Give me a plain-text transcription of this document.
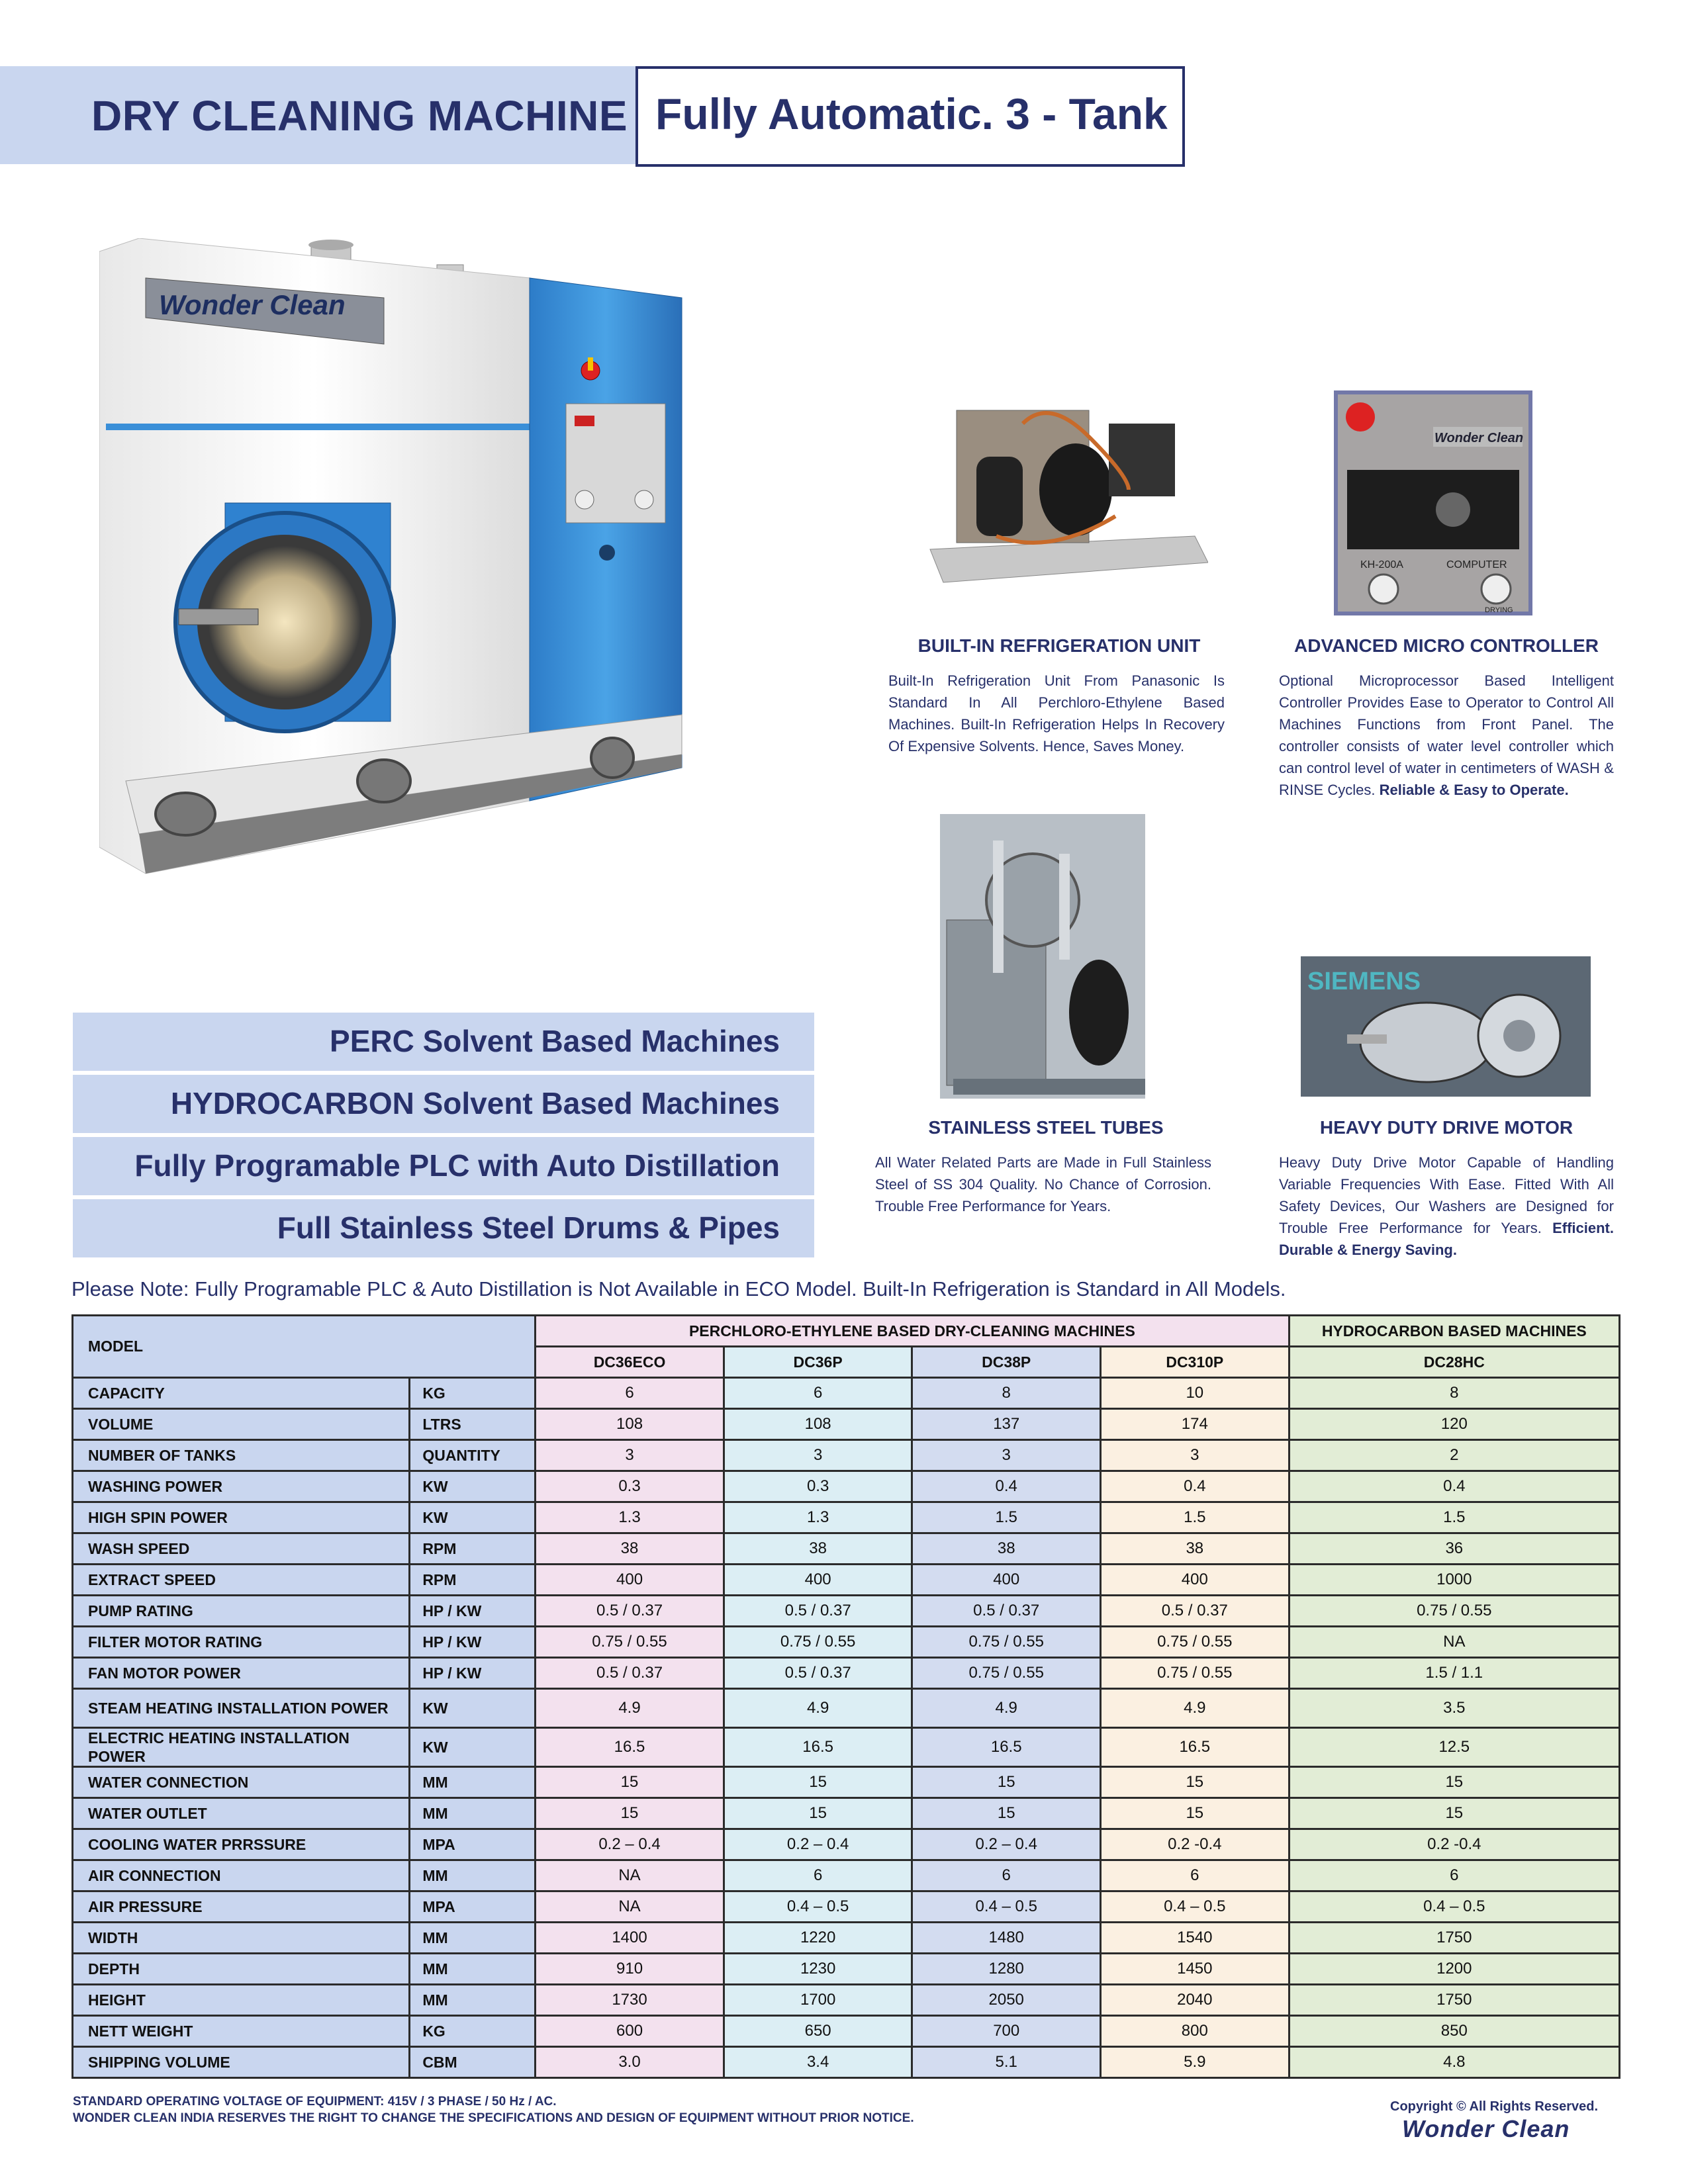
DRY CLEANING MACHINE Fully Automatic. 3 - Tank
Wonder Clean
Wonder Clean
KH-200A	COMPUTER
DRYING
SIEMENS
BUILT-IN REFRIGERATION UNIT
Built-In Refrigeration Unit From Panasonic Is Standard In All Perchloro-Ethylene Based Machines. Built-In Refrigeration Helps In Recovery Of Expensive Solvents. Hence, Saves Money.
ADVANCED MICRO CONTROLLER
Optional Microprocessor Based Intelligent Controller Provides Ease to Operator to Control All Machines Functions from Front Panel. The controller consists of water level controller which can control level of water in centimeters of WASH & RINSE Cycles. Reliable & Easy to Operate.
STAINLESS STEEL TUBES
All Water Related Parts are Made in Full Stainless Steel of SS 304 Quality. No Chance of Corrosion. Trouble Free Performance for Years.
HEAVY DUTY DRIVE MOTOR
Heavy Duty Drive Motor Capable of Handling Variable Frequencies With Ease. Fitted With All Safety Devices, Our Washers are Designed for Trouble Free Performance for Years. Efficient. Durable & Energy Saving.
PERC Solvent Based Machines
HYDROCARBON Solvent Based Machines
Fully Programable PLC with Auto Distillation
Full Stainless Steel Drums & Pipes
Please Note: Fully Programable PLC & Auto Distillation is Not Available in ECO Model. Built-In Refrigeration is Standard in All Models.
MODEL		PERCHLORO-ETHYLENE BASED DRY-CLEANING MACHINES				HYDROCARBON BASED MACHINES
		DC36ECO	DC36P	DC38P	DC310P	DC28HC
CAPACITY	KG	6	6	8	10	8
VOLUME	LTRS	108	108	137	174	120
NUMBER OF TANKS	QUANTITY	3	3	3	3	2
WASHING POWER	KW	0.3	0.3	0.4	0.4	0.4
HIGH SPIN POWER	KW	1.3	1.3	1.5	1.5	1.5
WASH SPEED	RPM	38	38	38	38	36
EXTRACT SPEED	RPM	400	400	400	400	1000
PUMP RATING	HP / KW	0.5 / 0.37	0.5 / 0.37	0.5 / 0.37	0.5 / 0.37	0.75 / 0.55
FILTER MOTOR RATING	HP / KW	0.75 / 0.55	0.75 / 0.55	0.75 / 0.55	0.75 / 0.55	NA
FAN MOTOR POWER	HP / KW	0.5 / 0.37	0.5 / 0.37	0.75 / 0.55	0.75 / 0.55	1.5 / 1.1
STEAM HEATING INSTALLATION POWER	KW	4.9	4.9	4.9	4.9	3.5
ELECTRIC HEATING INSTALLATION POWER	KW	16.5	16.5	16.5	16.5	12.5
WATER CONNECTION	MM	15	15	15	15	15
WATER OUTLET	MM	15	15	15	15	15
COOLING WATER PRRSSURE	MPA	0.2 – 0.4	0.2 – 0.4	0.2 – 0.4	0.2 -0.4	0.2 -0.4
AIR CONNECTION	MM	NA	6	6	6	6
AIR PRESSURE	MPA	NA	0.4 – 0.5	0.4 – 0.5	0.4 – 0.5	0.4 – 0.5
WIDTH	MM	1400	1220	1480	1540	1750
DEPTH	MM	910	1230	1280	1450	1200
HEIGHT	MM	1730	1700	2050	2040	1750
NETT WEIGHT	KG	600	650	700	800	850
SHIPPING VOLUME	CBM	3.0	3.4	5.1	5.9	4.8
STANDARD OPERATING VOLTAGE OF EQUIPMENT: 415V / 3 PHASE / 50 Hz / AC.
WONDER CLEAN INDIA RESERVES THE RIGHT TO CHANGE THE SPECIFICATIONS AND DESIGN OF EQUIPMENT WITHOUT PRIOR NOTICE.
Copyright © All Rights Reserved.
Wonder Clean
